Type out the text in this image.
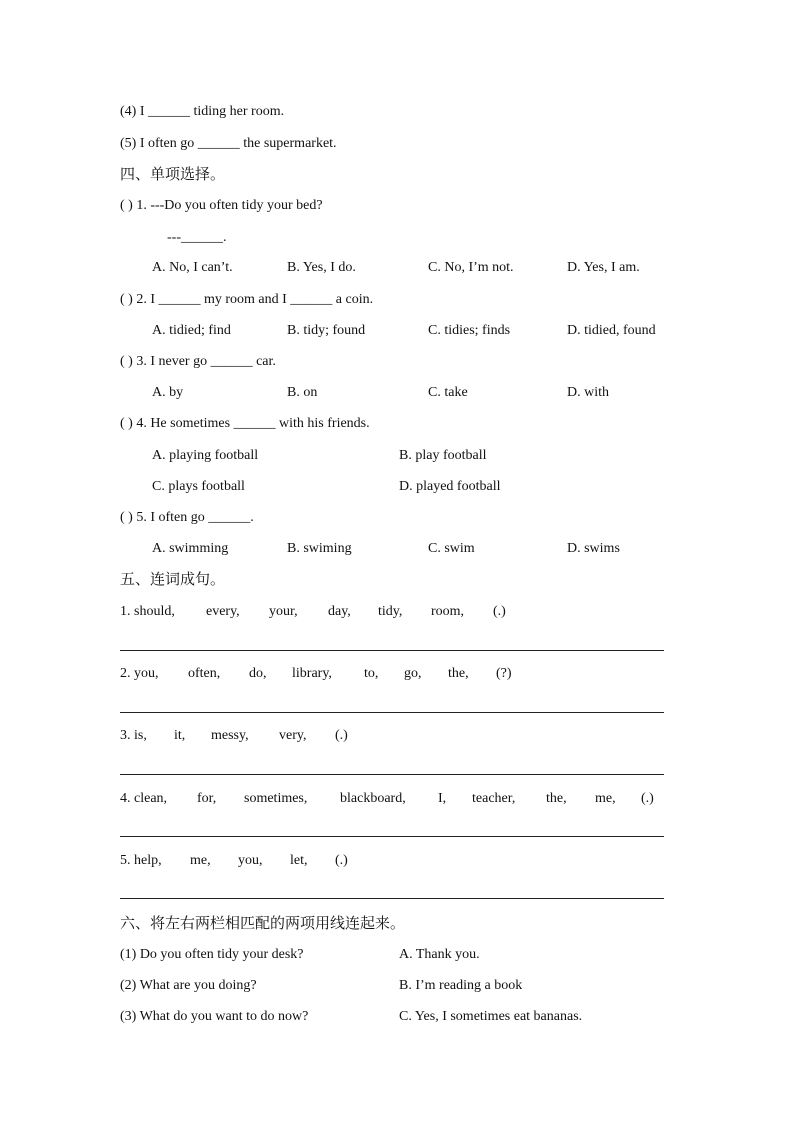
(4) I ______ tiding her room.
(5) I often go ______ the supermarket.
四、单项选择。
( ) 1. ---Do you often tidy your bed?
---______.
A. No, I can’t.	B. Yes, I do.	C. No, I’m not.	D. Yes, I am.
( ) 2. I ______ my room and I ______ a coin.
A. tidied; find	B. tidy; found	C. tidies; finds	D. tidied, found
( ) 3. I never go ______ car.
A. by	B. on	C. take	D. with
( ) 4. He sometimes ______ with his friends.
A. playing football	B. play football
C. plays football	D. played football
( ) 5. I often go ______.
A. swimming	B. swiming	C. swim	D. swims
五、连词成句。
1. should, every, your, day, tidy, room, (.)
2. you, often, do, library, to, go, the, (?)
3. is, it, messy, very, (.)
4. clean, for, sometimes, blackboard, I, teacher, the, me, (.)
5. help, me, you, let, (.)
六、将左右两栏相匹配的两项用线连起来。
(1) Do you often tidy your desk?	A. Thank you.
(2) What are you doing?	B. I’m reading a book
(3) What do you want to do now?	C. Yes, I sometimes eat bananas.
